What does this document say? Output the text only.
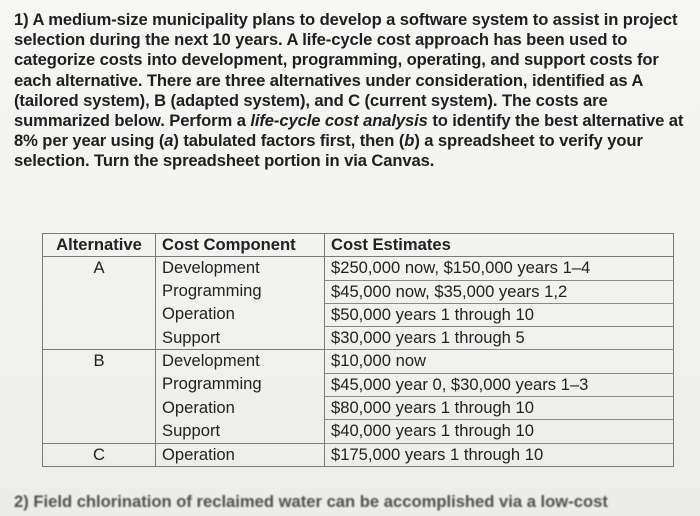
1) A medium-size municipality plans to develop a software system to assist in project selection during the next 10 years. A life-cycle cost approach has been used to categorize costs into development, programming, operating, and support costs for each alternative. There are three alternatives under consideration, identified as A (tailored system), B (adapted system), and C (current system). The costs are summarized below. Perform a life-cycle cost analysis to identify the best alternative at 8% per year using (a) tabulated factors first, then (b) a spreadsheet to verify your selection. Turn the spreadsheet portion in via Canvas.
Alternative	Cost Component	Cost Estimates
A	Development	$250,000 now, $150,000 years 1–4
	Programming	$45,000 now, $35,000 years 1,2
	Operation	$50,000 years 1 through 10
	Support	$30,000 years 1 through 5
B	Development	$10,000 now
	Programming	$45,000 year 0, $30,000 years 1–3
	Operation	$80,000 years 1 through 10
	Support	$40,000 years 1 through 10
C	Operation	$175,000 years 1 through 10
2) Field chlorination of reclaimed water can be accomplished via a low-cost
